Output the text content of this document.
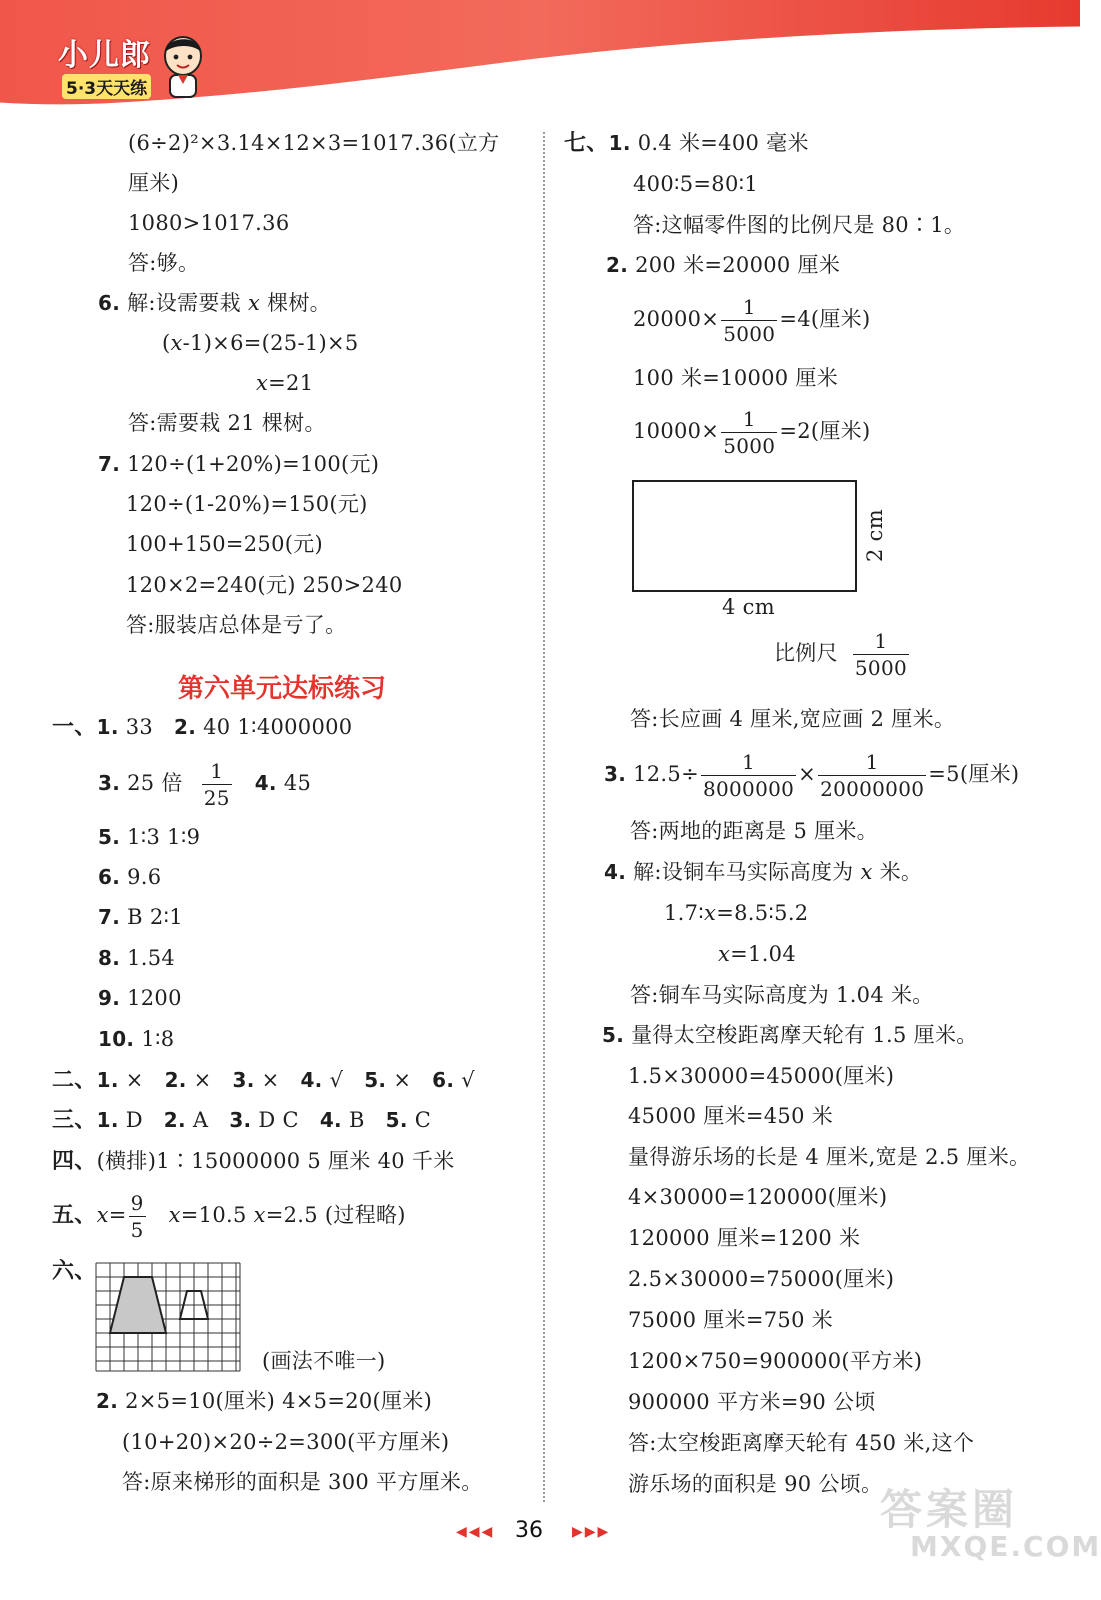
小儿郎
5·3天天练
(6÷2)²×3.14×12×3=1017.36(立方
厘米)
1080>1017.36
答:够。
6. 解:设需要栽 𝑥 棵树。
(𝑥-1)×6=(25-1)×5
𝑥=21
答:需要栽 21 棵树。
7. 120÷(1+20%)=100(元)
120÷(1-20%)=150(元)
100+150=250(元)
120×2=240(元) 250>240
答:服装店总体是亏了。
第六单元达标练习
一、1. 33 2. 40 1∶4000000
3. 25 倍 $\frac{1}{25} 4$. 45
5. 1∶3 1∶9
6. 9.6
7. B 2∶1
8. 1.54
9. 1200
10. 1∶8
二、1. × 2. × 3. × 4. √ 5. × 6. √
三、1. D 2. A 3. D C 4. B 5. C
四、(横排)1∶15000000 5 厘米 40 千米
五、𝑥= $\frac{9}{5}$ 𝑥=10.5 𝑥=2.5 (过程略)
六、
(画法不唯一)
2. 2×5=10(厘米) 4×5=20(厘米)
(10+20)×20÷2=300(平方厘米)
答:原来梯形的面积是 300 平方厘米。
七、1. 0.4 米=400 毫米
400∶5=80∶1
答:这幅零件图的比例尺是 80∶1。
2. 200 米=20000 厘米
$20000\times \frac{1}{5000} =4$(厘米)
100 米=10000 厘米
$10000\times \frac{1}{5000} =2$(厘米)
2 cm
4 cm
比例尺 $\frac{1}{5000}$
答:长应画 4 厘米,宽应画 2 厘米。
3. $12.5\div \frac{1}{8000000} \times \frac{1}{20000000} =5$(厘米)
答:两地的距离是 5 厘米。
4. 解:设铜车马实际高度为 𝑥 米。
1.7∶𝑥=8.5∶5.2
𝑥=1.04
答:铜车马实际高度为 1.04 米。
5. 量得太空梭距离摩天轮有 1.5 厘米。
1.5×30000=45000(厘米)
45000 厘米=450 米
量得游乐场的长是 4 厘米,宽是 2.5 厘米。
4×30000=120000(厘米)
120000 厘米=1200 米
2.5×30000=75000(厘米)
75000 厘米=750 米
1200×750=900000(平方米)
900000 平方米=90 公顷
答:太空梭距离摩天轮有 450 米,这个
游乐场的面积是 90 公顷。
◀◀◀ 36 ▶▶▶	答案圈
MXQE.COM
